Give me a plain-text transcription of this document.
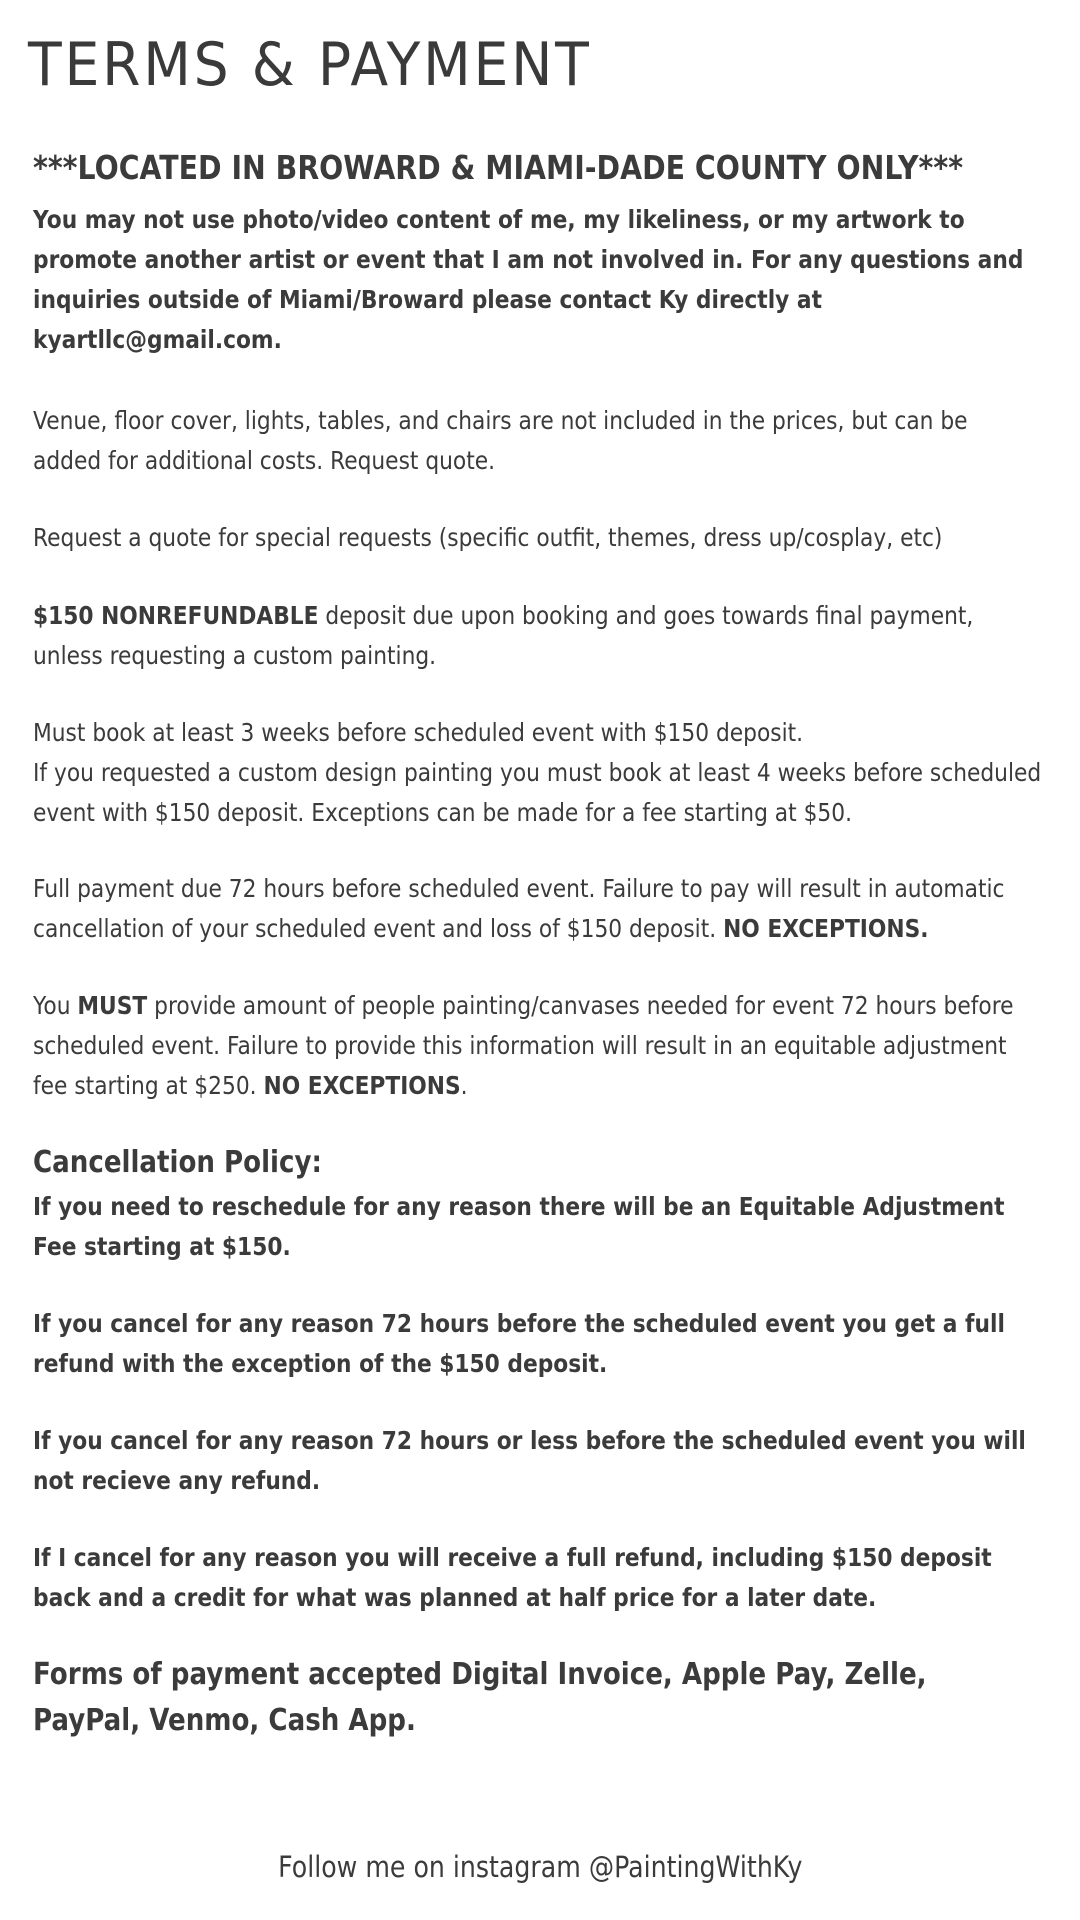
TERMS & PAYMENT

***LOCATED IN BROWARD & MIAMI-DADE COUNTY ONLY***

You may not use photo/video content of me, my likeliness, or my artwork to promote another artist or event that I am not involved in. For any questions and inquiries outside of Miami/Broward please contact Ky directly at kyartllc@gmail.com.

Venue, floor cover, lights, tables, and chairs are not included in the prices, but can be added for additional costs. Request quote.

Request a quote for special requests (specific outfit, themes, dress up/cosplay, etc)

$150 NONREFUNDABLE deposit due upon booking and goes towards final payment, unless requesting a custom painting.

Must book at least 3 weeks before scheduled event with $150 deposit.
If you requested a custom design painting you must book at least 4 weeks before scheduled event with $150 deposit. Exceptions can be made for a fee starting at $50.

Full payment due 72 hours before scheduled event. Failure to pay will result in automatic cancellation of your scheduled event and loss of $150 deposit. NO EXCEPTIONS.

You MUST provide amount of people painting/canvases needed for event 72 hours before scheduled event. Failure to provide this information will result in an equitable adjustment fee starting at $250. NO EXCEPTIONS.

Cancellation Policy:

If you need to reschedule for any reason there will be an Equitable Adjustment Fee starting at $150.

If you cancel for any reason 72 hours before the scheduled event you get a full refund with the exception of the $150 deposit.

If you cancel for any reason 72 hours or less before the scheduled event you will not recieve any refund.

If I cancel for any reason you will receive a full refund, including $150 deposit back and a credit for what was planned at half price for a later date.

Forms of payment accepted Digital Invoice, Apple Pay, Zelle, PayPal, Venmo, Cash App.

Follow me on instagram @PaintingWithKy
